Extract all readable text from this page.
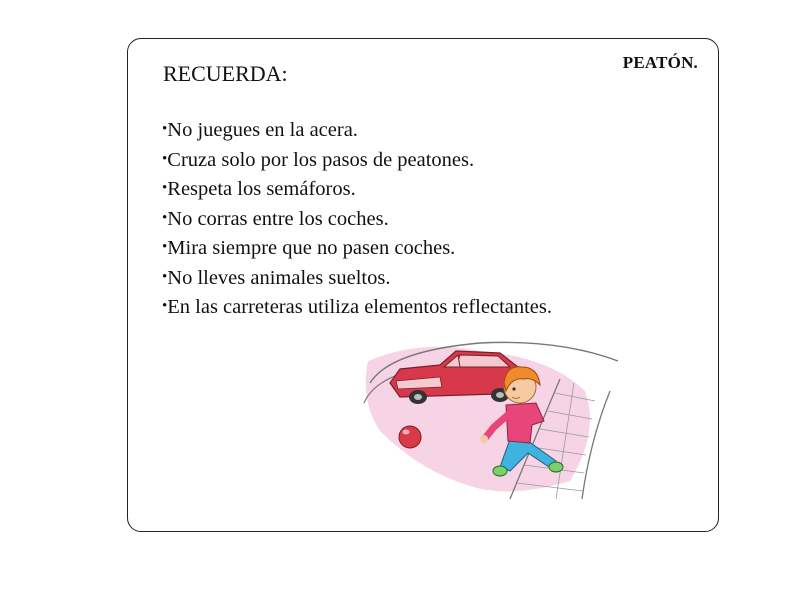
PEATÓN.
RECUERDA:
•No juegues en la acera.
•Cruza solo por los pasos de peatones.
•Respeta los semáforos.
•No corras entre los coches.
•Mira siempre que no pasen coches.
•No lleves animales sueltos.
•En las carreteras utiliza elementos reflectantes.
